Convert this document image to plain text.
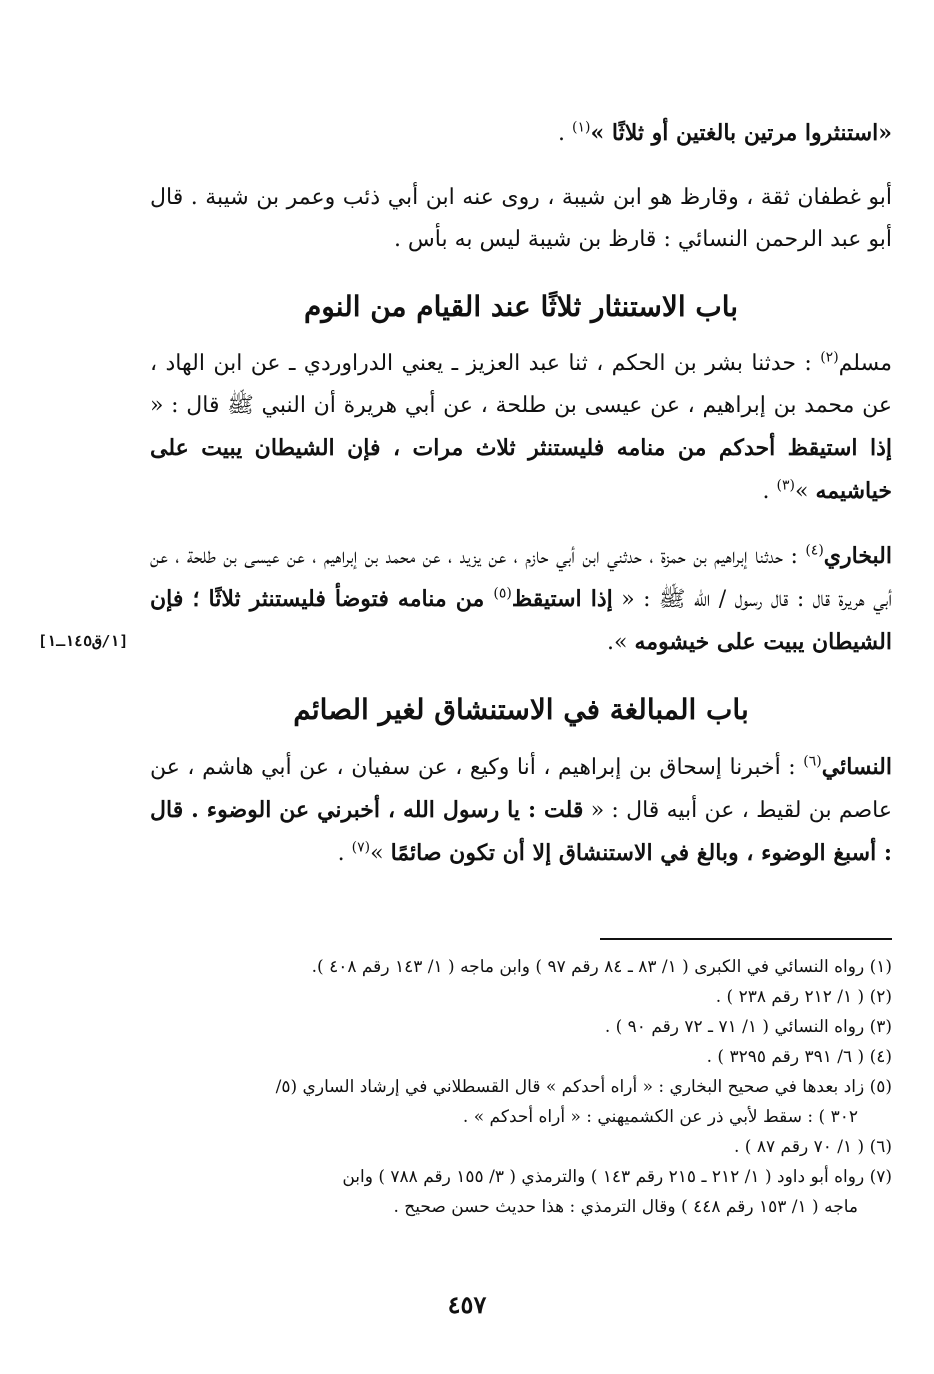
«استنثروا مرتين بالغتين أو ثلاثًا »$^{(١)}$ .

أبو غطفان ثقة ، وقارظ هو ابن شيبة ، روى عنه ابن أبي ذئب وعمر بن شيبة . قال أبو عبد الرحمن النسائي : قارظ بن شيبة ليس به بأس .

باب الاستنثار ثلاثًا عند القيام من النوم

مسلم$^{(٢)}$ : حدثنا بشر بن الحكم ، ثنا عبد العزيز ـ يعني الدراوردي ـ عن ابن الهاد ، عن محمد بن إبراهيم ، عن عيسى بن طلحة ، عن أبي هريرة أن النبي ﷺ قال : « إذا استيقظ أحدكم من منامه فليستنثر ثلاث مرات ، فإن الشيطان يبيت على خياشيمه »$^{(٣)}$ .

البخاري$^{(٤)}$ : حدثنا إبراهيم بن حمزة ، حدثني ابن أبي حازم ، عن يزيد ، عن محمد بن إبراهيم ، عن عيسى بن طلحة ، عن أبي هريرة قال : قال رسول / الله ﷺ : « إذا استيقظ$^{(٥)}$ من منامه فتوضأ فليستنثر ثلاثًا ؛ فإن الشيطان يبيت على خيشومه ».

باب المبالغة في الاستنشاق لغير الصائم

النسائي$^{(٦)}$ : أخبرنا إسحاق بن إبراهيم ، أنا وكيع ، عن سفيان ، عن أبي هاشم ، عن عاصم بن لقيط ، عن أبيه قال : « قلت : يا رسول الله ، أخبرني عن الوضوء . قال : أسبغ الوضوء ، وبالغ في الاستنشاق إلا أن تكون صائمًا »$^{(٧)}$ .

[١/ق١٤٥ـ١]

(١) رواه النسائي في الكبرى ( ١/ ٨٣ ـ ٨٤ رقم ٩٧ ) وابن ماجه ( ١/ ١٤٣ رقم ٤٠٨ ).

(٢) ( ١/ ٢١٢ رقم ٢٣٨ ) .

(٣) رواه النسائي ( ١/ ٧١ ـ ٧٢ رقم ٩٠ ) .

(٤) ( ٦/ ٣٩١ رقم ٣٢٩٥ ) .

(٥) زاد بعدها في صحيح البخاري : « أراه أحدكم » قال القسطلاني في إرشاد الساري (٥/
٣٠٢ ) : سقط لأبي ذر عن الكشميهني : « أراه أحدكم » .

(٦) ( ١/ ٧٠ رقم ٨٧ ) .

(٧) رواه أبو داود ( ١/ ٢١٢ ـ ٢١٥ رقم ١٤٣ ) والترمذي ( ٣/ ١٥٥ رقم ٧٨٨ ) وابن
ماجه ( ١/ ١٥٣ رقم ٤٤٨ ) وقال الترمذي : هذا حديث حسن صحيح .

٤٥٧
